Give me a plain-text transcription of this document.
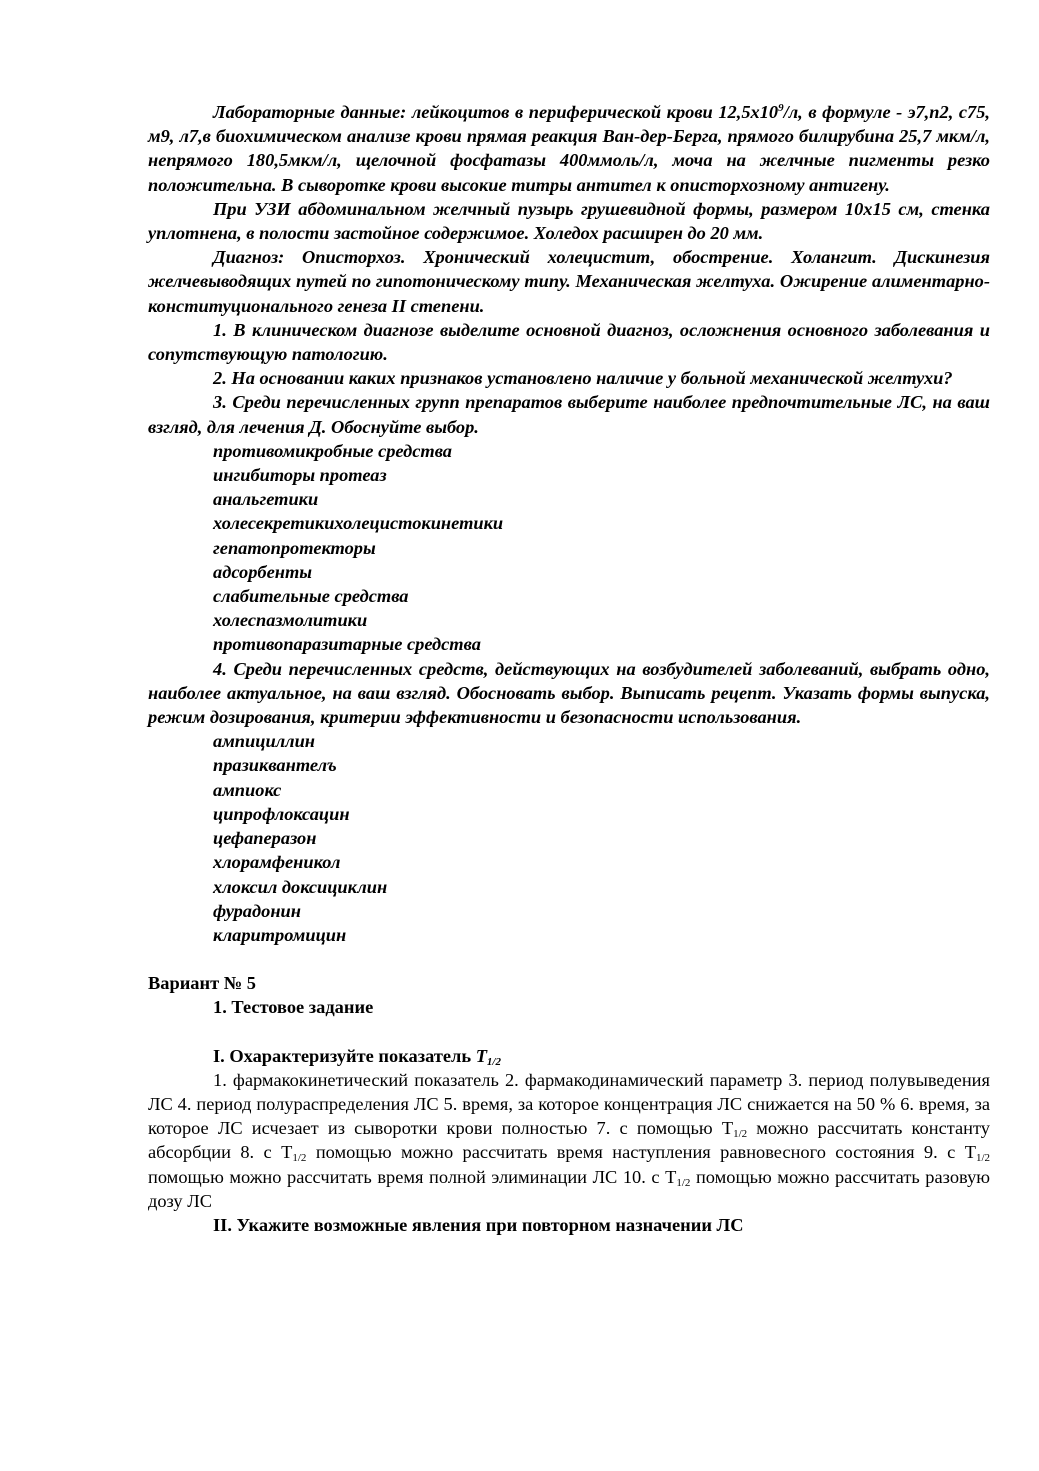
Лабораторные данные: лейкоцитов в периферической крови $12,5х10^9/л$, в формуле - э7,п2, с75, м9, л7,в биохимическом анализе крови прямая реакция Ван-дер-Берга, прямого билирубина 25,7 мкм/л, непрямого 180,5мкм/л, щелочной фосфатазы 400ммоль/л, моча на желчные пигменты резко положительна. В сыворотке крови высокие титры антител к описторхозному антигену.

При УЗИ абдоминальном желчный пузырь грушевидной формы, размером 10х15 см, стенка уплотнена, в полости застойное содержимое. Холедох расширен до 20 мм.

Диагноз: Описторхоз. Хронический холецистит, обострение. Холангит. Дискинезия желчевыводящих путей по гипотоническому типу. Механическая желтуха. Ожирение алиментарно-конституционального генеза II степени.

1. В клиническом диагнозе выделите основной диагноз, осложнения основного заболевания и сопутствующую патологию.

2. На основании каких признаков установлено наличие у больной механической желтухи?

3. Среди перечисленных групп препаратов выберите наиболее предпочтительные ЛС, на ваш взгляд, для лечения Д. Обоснуйте выбор.

противомикробные средства

ингибиторы протеаз

анальгетики

холесекретикихолецистокинетики

гепатопротекторы

адсорбенты

слабительные средства

холеспазмолитики

противопаразитарные средства

4. Среди перечисленных средств, действующих на возбудителей заболеваний, выбрать одно, наиболее актуальное, на ваш взгляд. Обосновать выбор. Выписать рецепт. Указать формы выпуска, режим дозирования, критерии эффективности и безопасности использования.

ампициллин

празиквантелъ

ампиокс

ципрофлоксацин

цефаперазон

хлорамфеникол

хлоксил доксициклин

фурадонин

кларитромицин

Вариант № 5

1. Тестовое задание

I. Охарактеризуйте показатель $T_{1/2}$

1. фармакокинетический показатель 2. фармакодинамический параметр 3. период полувыведения ЛС 4. период полураспределения ЛС 5. время, за которое концентрация ЛС снижается на 50 % 6. время, за которое ЛС исчезает из сыворотки крови полностью 7. с помощью $Т_{1/2}$ можно рассчитать константу абсорбции 8. с $Т_{1/2}$ помощью можно рассчитать время наступления равновесного состояния 9. с $Т_{1/2}$ помощью можно рассчитать время полной элиминации ЛС 10. с $Т_{1/2}$ помощью можно рассчитать разовую дозу ЛС

II. Укажите возможные явления при повторном назначении ЛС
